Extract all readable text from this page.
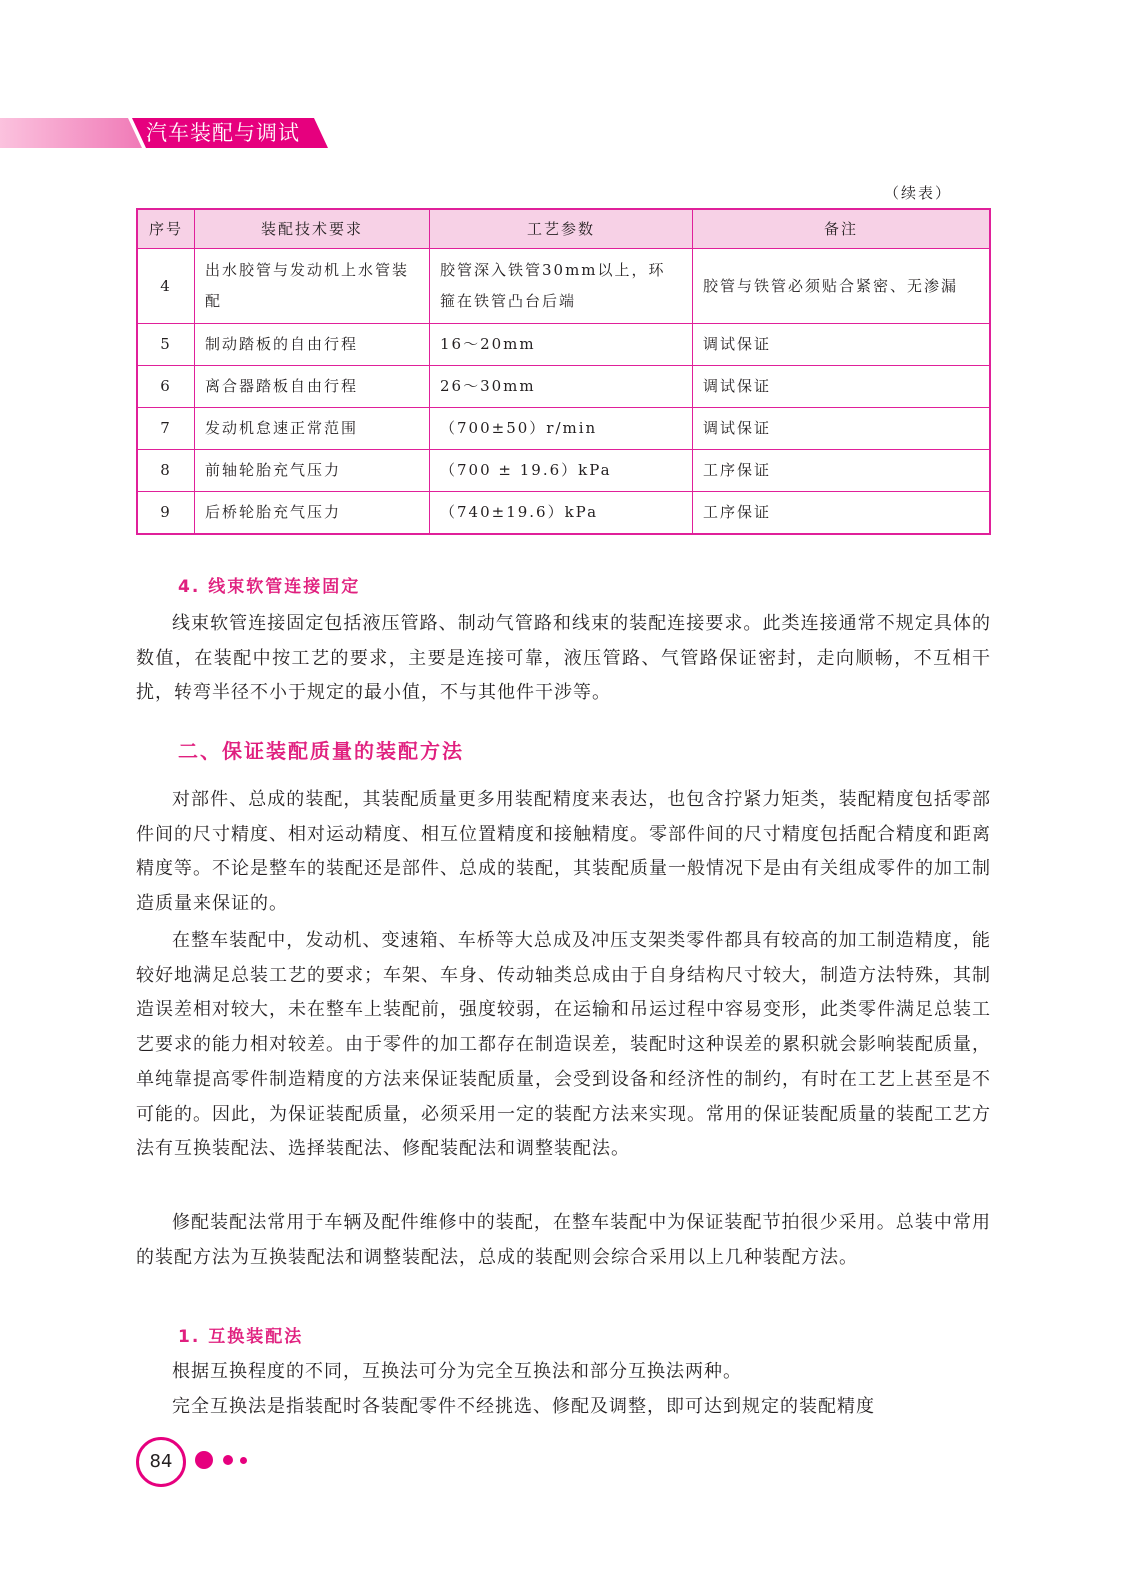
汽车装配与调试
（续表）
序号	装配技术要求	工艺参数	备注
4	出水胶管与发动机上水管装配	胶管深入铁管30mm以上，环箍在铁管凸台后端	胶管与铁管必须贴合紧密、无渗漏
5	制动踏板的自由行程	16～20mm	调试保证
6	离合器踏板自由行程	26～30mm	调试保证
7	发动机怠速正常范围	（700±50）r/min	调试保证
8	前轴轮胎充气压力	（700 ± 19.6）kPa	工序保证
9	后桥轮胎充气压力	（740±19.6）kPa	工序保证
4. 线束软管连接固定

线束软管连接固定包括液压管路、制动气管路和线束的装配连接要求。此类连接通常不规定具体的数值，在装配中按工艺的要求，主要是连接可靠，液压管路、气管路保证密封，走向顺畅，不互相干扰，转弯半径不小于规定的最小值，不与其他件干涉等。

二、保证装配质量的装配方法

对部件、总成的装配，其装配质量更多用装配精度来表达，也包含拧紧力矩类，装配精度包括零部件间的尺寸精度、相对运动精度、相互位置精度和接触精度。零部件间的尺寸精度包括配合精度和距离精度等。不论是整车的装配还是部件、总成的装配，其装配质量一般情况下是由有关组成零件的加工制造质量来保证的。

在整车装配中，发动机、变速箱、车桥等大总成及冲压支架类零件都具有较高的加工制造精度，能较好地满足总装工艺的要求；车架、车身、传动轴类总成由于自身结构尺寸较大，制造方法特殊，其制造误差相对较大，未在整车上装配前，强度较弱，在运输和吊运过程中容易变形，此类零件满足总装工艺要求的能力相对较差。由于零件的加工都存在制造误差，装配时这种误差的累积就会影响装配质量，单纯靠提高零件制造精度的方法来保证装配质量，会受到设备和经济性的制约，有时在工艺上甚至是不可能的。因此，为保证装配质量，必须采用一定的装配方法来实现。常用的保证装配质量的装配工艺方法有互换装配法、选择装配法、修配装配法和调整装配法。

修配装配法常用于车辆及配件维修中的装配，在整车装配中为保证装配节拍很少采用。总装中常用的装配方法为互换装配法和调整装配法，总成的装配则会综合采用以上几种装配方法。

1. 互换装配法

根据互换程度的不同，互换法可分为完全互换法和部分互换法两种。

完全互换法是指装配时各装配零件不经挑选、修配及调整，即可达到规定的装配精度

84
